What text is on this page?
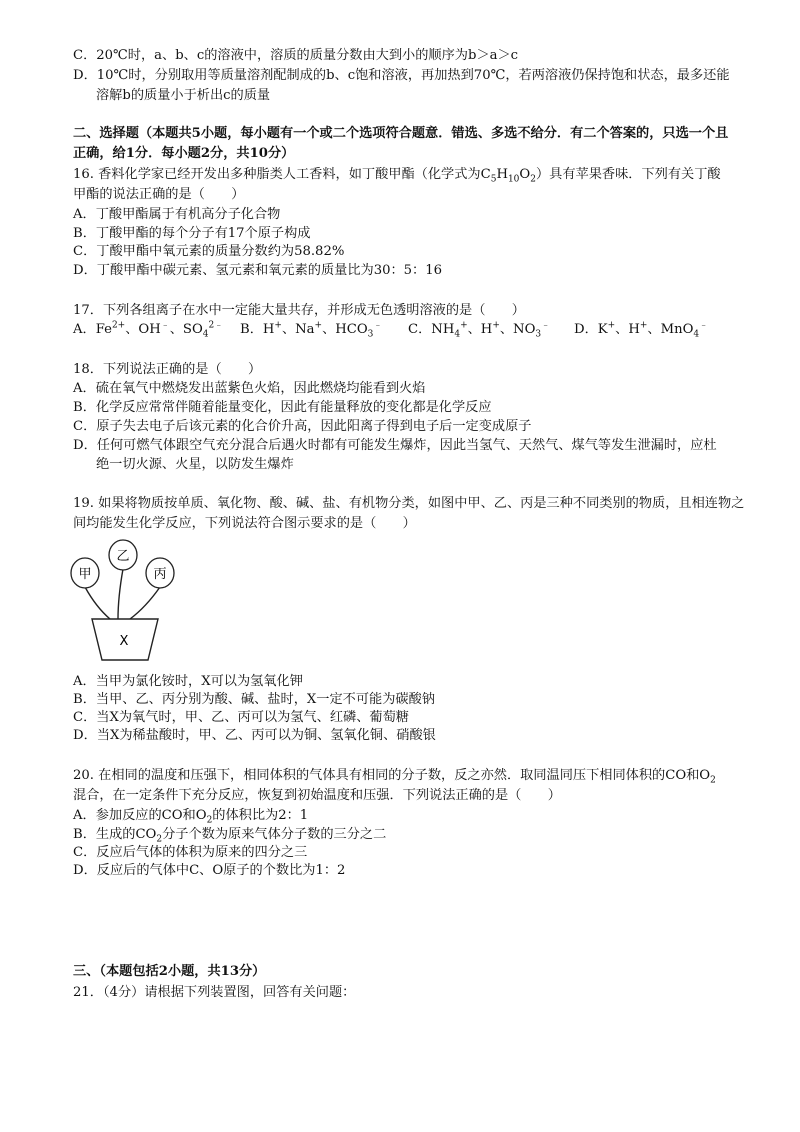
C．20℃时，a、b、c的溶液中，溶质的质量分数由大到小的顺序为b＞a＞c
D．10℃时，分别取用等质量溶剂配制成的b、c饱和溶液，再加热到70℃，若两溶液仍保持饱和状态，最多还能
溶解b的质量小于析出c的质量
二、选择题（本题共5小题，每小题有一个或二个选项符合题意．错选、多选不给分．有二个答案的，只选一个且
正确，给1分．每小题2分，共10分）
16. 香料化学家已经开发出多种脂类人工香料，如丁酸甲酯（化学式为$C_5H_{10}O_2$）具有苹果香味．下列有关丁酸
甲酯的说法正确的是（　　）
A．丁酸甲酯属于有机高分子化合物
B．丁酸甲酯的每个分子有17个原子构成
C．丁酸甲酯中氧元素的质量分数约为58.82%
D．丁酸甲酯中碳元素、氢元素和氧元素的质量比为30：5：16
17．下列各组离子在水中一定能大量共存，并形成无色透明溶液的是（　　）
A．$Fe^{2+}$、OH﹣、$SO_4^{2﹣}$ B．H+、Na+、$HCO_3^﹣$ C．$NH_4^+$、H+、$NO_3^﹣$ D．K+、H+、MnO$_4$﹣
18．下列说法正确的是（　　）
A．硫在氧气中燃烧发出蓝紫色火焰，因此燃烧均能看到火焰
B．化学反应常常伴随着能量变化，因此有能量释放的变化都是化学反应
C．原子失去电子后该元素的化合价升高，因此阳离子得到电子后一定变成原子
D．任何可燃气体跟空气充分混合后遇火时都有可能发生爆炸，因此当氢气、天然气、煤气等发生泄漏时，应杜
绝一切火源、火星，以防发生爆炸
19. 如果将物质按单质、氧化物、酸、碱、盐、有机物分类，如图中甲、乙、丙是三种不同类别的物质，且相连物之
间均能发生化学反应，下列说法符合图示要求的是（　　）
甲
乙
丙
X
A．当甲为氯化铵时，X可以为氢氧化钾
B．当甲、乙、丙分别为酸、碱、盐时，X一定不可能为碳酸钠
C．当X为氧气时，甲、乙、丙可以为氢气、红磷、葡萄糖
D．当X为稀盐酸时，甲、乙、丙可以为铜、氢氧化铜、硝酸银
20. 在相同的温度和压强下，相同体积的气体具有相同的分子数，反之亦然．取同温同压下相同体积的CO和$O_2$
混合，在一定条件下充分反应，恢复到初始温度和压强．下列说法正确的是（　　）
A．参加反应的CO和$O_2$的体积比为2：1
B．生成的$CO_2$分子个数为原来气体分子数的三分之二
C．反应后气体的体积为原来的四分之三
D．反应后的气体中C、O原子的个数比为1：2
三、（本题包括2小题，共13分）
21．（4分）请根据下列装置图，回答有关问题：
